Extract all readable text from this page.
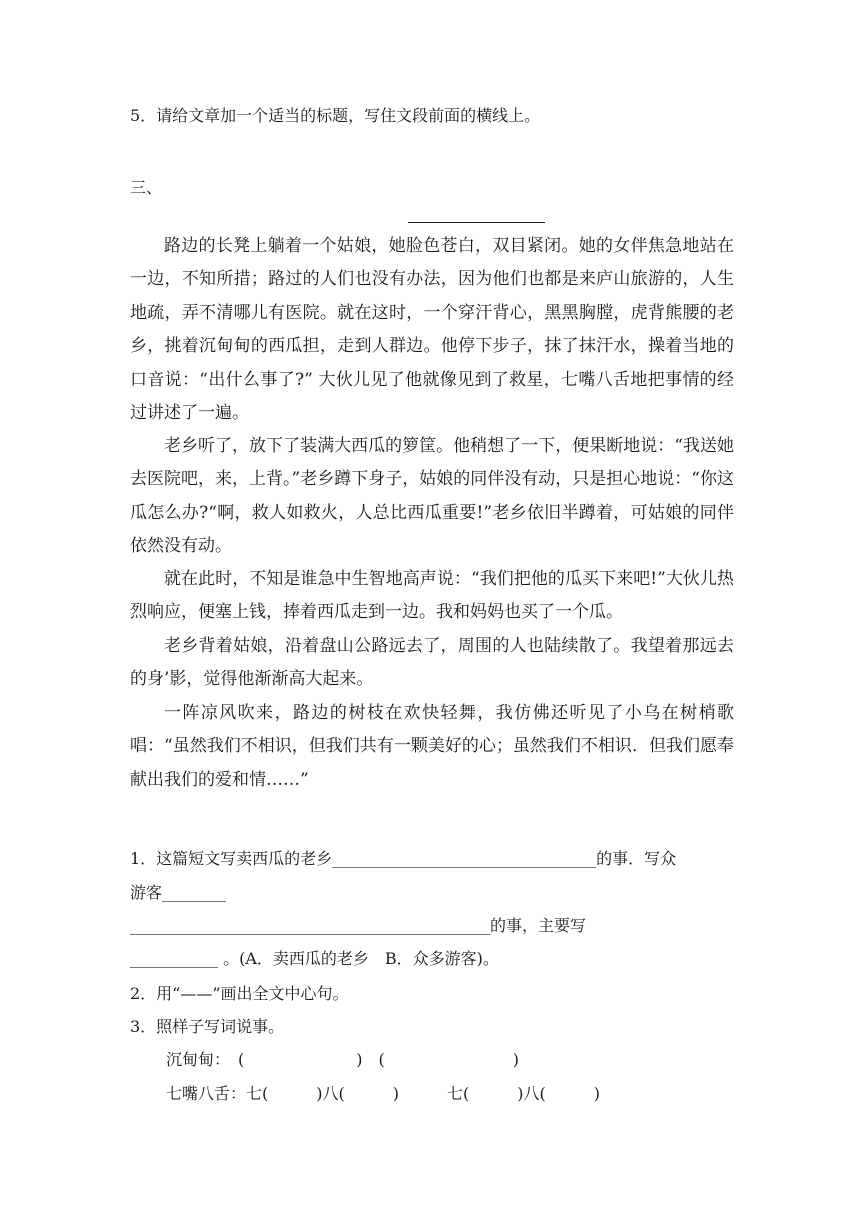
5．请给文章加一个适当的标题，写住文段前面的横线上。
三、

路边的长凳上躺着一个姑娘，她脸色苍白，双目紧闭。她的女伴焦急地站在一边，不知所措；路过的人们也没有办法，因为他们也都是来庐山旅游的，人生地疏，弄不清哪儿有医院。就在这时，一个穿汗背心，黑黑胸膛，虎背熊腰的老乡，挑着沉甸甸的西瓜担，走到人群边。他停下步子，抹了抹汗水，操着当地的口音说：“出什么事了?” 大伙儿见了他就像见到了救星，七嘴八舌地把事情的经过讲述了一遍。

老乡听了，放下了装满大西瓜的箩筐。他稍想了一下，便果断地说：“我送她去医院吧，来，上背。”老乡蹲下身子，姑娘的同伴没有动，只是担心地说：“你这瓜怎么办?“啊，救人如救火，人总比西瓜重要!”老乡依旧半蹲着，可姑娘的同伴依然没有动。

就在此时，不知是谁急中生智地高声说：“我们把他的瓜买下来吧!”大伙儿热烈响应，便塞上钱，捧着西瓜走到一边。我和妈妈也买了一个瓜。

老乡背着姑娘，沿着盘山公路远去了，周围的人也陆续散了。我望着那远去的身’影，觉得他渐渐高大起来。

一阵凉风吹来，路边的树枝在欢快轻舞，我仿佛还听见了小乌在树梢歌唱：“虽然我们不相识，但我们共有一颗美好的心；虽然我们不相识．但我们愿奉献出我们的爱和情……”

1．这篇短文写卖西瓜的老乡_________________________________的事．写众
游客________
_____________________________________________的事，主要写
___________ 。(A．卖西瓜的老乡　B．众多游客)。
2．用“——”画出全文中心句。
3．照样子写词说事。
沉甸甸：　(　　　　　　　)　(　　　　　　　　)
七嘴八舌：七(　　　)八(　　　)　　　七(　　　)八(　　　)
